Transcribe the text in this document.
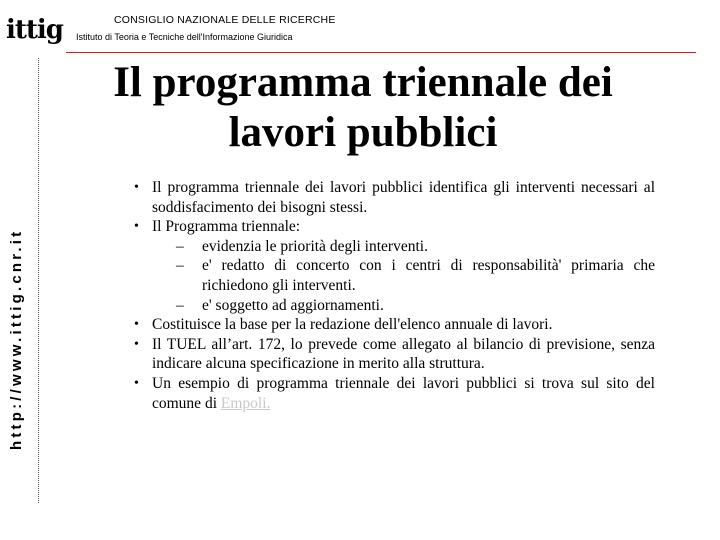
ittig	CONSIGLIO NAZIONALE DELLE RICERCHE
Istituto di Teoria e Tecniche dell'Informazione Giuridica
http://www.ittig.cnr.it
Il programma triennale dei lavori pubblici
• Il programma triennale dei lavori pubblici identifica gli interventi necessari al soddisfacimento dei bisogni stessi.
• Il Programma triennale:
– evidenzia le priorità degli interventi.
– e' redatto di concerto con i centri di responsabilità' primaria che richiedono gli interventi.
– e' soggetto ad aggiornamenti.
• Costituisce la base per la redazione dell'elenco annuale di lavori.
• Il TUEL all’art. 172, lo prevede come allegato al bilancio di previsione, senza indicare alcuna specificazione in merito alla struttura.
• Un esempio di programma triennale dei lavori pubblici si trova sul sito del comune di Empoli.
